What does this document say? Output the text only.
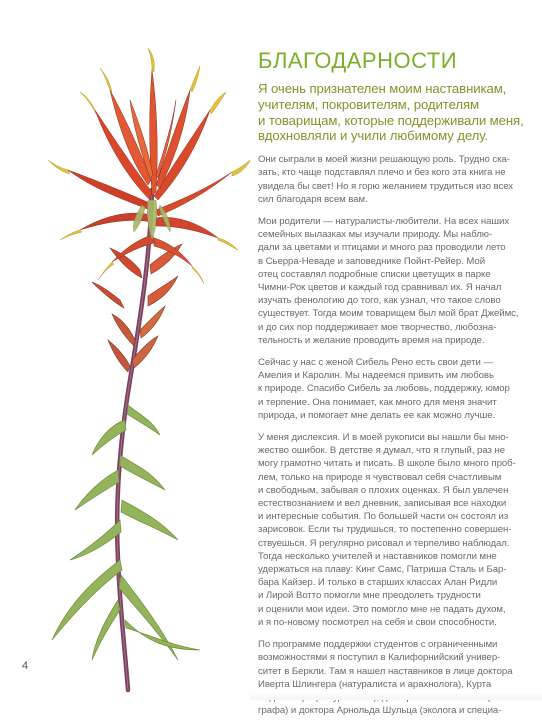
4
БЛАГОДАРНОСТИ
Я очень признателен моим наставникам,
учителям, покровителям, родителям
и товарищам, которые поддерживали меня,
вдохновляли и учили любимому делу.

Они сыграли в моей жизни решающую роль. Трудно ска-
зать, кто чаще подставлял плечо и без кого эта книга не
увидела бы свет! Но я горю желанием трудиться изо всех
сил благодаря всем вам.

Мои родители — натуралисты-любители. На всех наших
семейных вылазках мы изучали природу. Мы наблю-
дали за цветами и птицами и много раз проводили лето
в Сьерра-Неваде и заповеднике Пойнт-Рейер. Мой
отец составлял подробные списки цветущих в парке
Чимни-Рок цветов и каждый год сравнивал их. Я начал
изучать фенологию до того, как узнал, что такое слово
существует. Тогда моим товарищем был мой брат Джеймс,
и до сих пор поддерживает мое творчество, любозна-
тельность и желание проводить время на природе.

Сейчас у нас с женой Сибель Рено есть свои дети —
Амелия и Каролин. Мы надеемся привить им любовь
к природе. Спасибо Сибель за любовь, поддержку, юмор
и терпение. Она понимает, как много для меня значит
природа, и помогает мне делать ее как можно лучше.

У меня дислексия. И в моей рукописи вы нашли бы мно-
жество ошибок. В детстве я думал, что я глупый, раз не
могу грамотно читать и писать. В школе было много проб-
лем, только на природе я чувствовал себя счастливым
и свободным, забывая о плохих оценках. Я был увлечен
естествознанием и вел дневник, записывая все находки
и интересные события. По большей части он состоял из
зарисовок. Если ты трудишься, то постепенно совершен-
ствуешься. Я регулярно рисовал и терпеливо наблюдал.
Тогда несколько учителей и наставников помогли мне
удержаться на плаву: Кинг Самс, Патриша Сталь и Бар-
бара Кайзер. И только в старших классах Алан Ридли
и Лирой Вотто помогли мне преодолеть трудности
и оценили мои идеи. Это помогло мне не падать духом,
и я по-новому посмотрел на себя и свои способности.

По программе поддержки студентов с ограниченными
возможностями я поступил в Калифорнийский универ-
ситет в Беркли. Там я нашел наставников в лице доктора
Иверта Шлингера (натуралиста и арахнолога), Курта
графа) и доктора Арнольда Шульца (эколога и специа-
